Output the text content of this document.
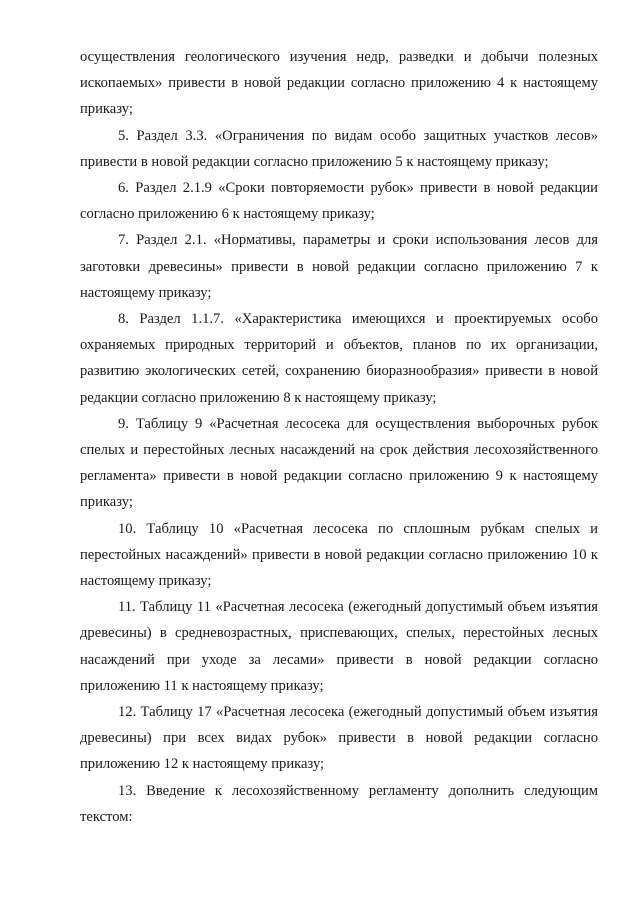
осуществления геологического изучения недр, разведки и добычи полезных ископаемых» привести в новой редакции согласно приложению 4 к настоящему приказу;

5. Раздел 3.3. «Ограничения по видам особо защитных участков лесов» привести в новой редакции согласно приложению 5 к настоящему приказу;

6. Раздел 2.1.9 «Сроки повторяемости рубок» привести в новой редакции согласно приложению 6 к настоящему приказу;

7. Раздел 2.1. «Нормативы, параметры и сроки использования лесов для заготовки древесины» привести в новой редакции согласно приложению 7 к настоящему приказу;

8. Раздел 1.1.7. «Характеристика имеющихся и проектируемых особо охраняемых природных территорий и объектов, планов по их организации, развитию экологических сетей, сохранению биоразнообразия» привести в новой редакции согласно приложению 8 к настоящему приказу;

9. Таблицу 9 «Расчетная лесосека для осуществления выборочных рубок спелых и перестойных лесных насаждений на срок действия лесохозяйственного регламента» привести в новой редакции согласно приложению 9 к настоящему приказу;

10. Таблицу 10 «Расчетная лесосека по сплошным рубкам спелых и перестойных насаждений» привести в новой редакции согласно приложению 10 к настоящему приказу;

11. Таблицу 11 «Расчетная лесосека (ежегодный допустимый объем изъятия древесины) в средневозрастных, приспевающих, спелых, перестойных лесных насаждений при уходе за лесами» привести в новой редакции согласно приложению 11 к настоящему приказу;

12. Таблицу 17 «Расчетная лесосека (ежегодный допустимый объем изъятия древесины) при всех видах рубок» привести в новой редакции согласно приложению 12 к настоящему приказу;

13. Введение к лесохозяйственному регламенту дополнить следующим текстом:
